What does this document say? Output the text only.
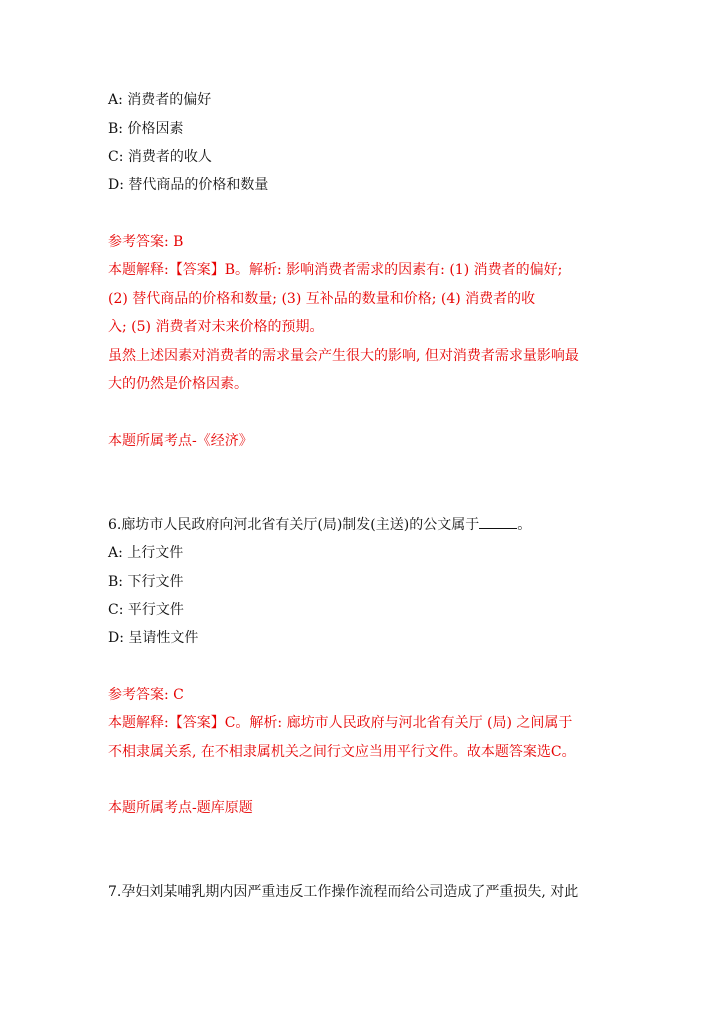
A: 消费者的偏好
B: 价格因素
C: 消费者的收人
D: 替代商品的价格和数量
参考答案: B
本题解释:【答案】B。解析: 影响消费者需求的因素有: (1) 消费者的偏好;
(2) 替代商品的价格和数量; (3) 互补品的数量和价格; (4) 消费者的收
入; (5) 消费者对未来价格的预期。
虽然上述因素对消费者的需求量会产生很大的影响, 但对消费者需求量影响最
大的仍然是价格因素。
本题所属考点-《经济》
6.廊坊市人民政府向河北省有关厅(局)制发(主送)的公文属于	。
A: 上行文件
B: 下行文件
C: 平行文件
D: 呈请性文件
参考答案: C
本题解释:【答案】C。解析: 廊坊市人民政府与河北省有关厅 (局) 之间属于
不相隶属关系, 在不相隶属机关之间行文应当用平行文件。故本题答案选C。
本题所属考点-题库原题
7.孕妇刘某哺乳期内因严重违反工作操作流程而给公司造成了严重损失, 对此
